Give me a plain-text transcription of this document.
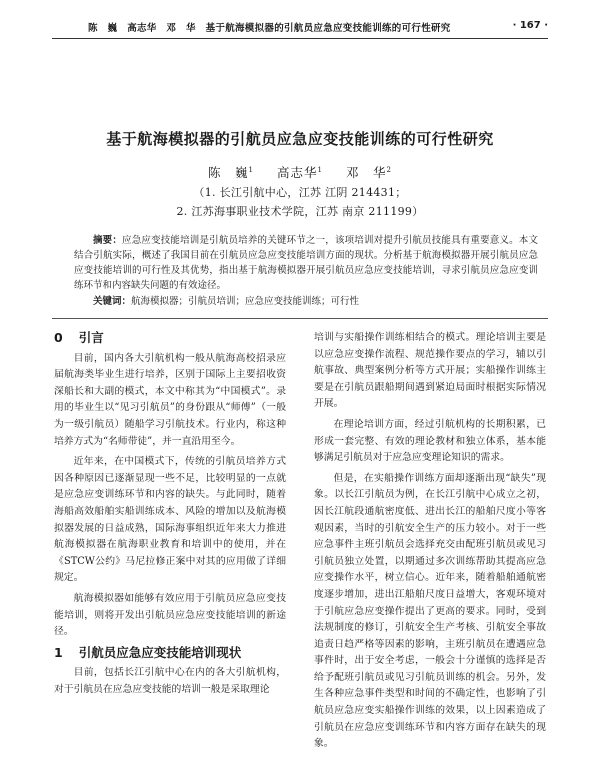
陈　巍　高志华　邓　华　基于航海模拟器的引航员应急应变技能训练的可行性研究	· 167 ·
基于航海模拟器的引航员应急应变技能训练的可行性研究
陈　巍$^1$ 高志华$^1$ 邓　华$^2$
（1. 长江引航中心，江苏 江阴 214431；
2. 江苏海事职业技术学院，江苏 南京 211199）
摘要：应急应变技能培训是引航员培养的关键环节之一，该项培训对提升引航员技能具有重要意义。本文结合引航实际，概述了我国目前在引航员应急应变技能培训方面的现状。分析基于航海模拟器开展引航员应急应变技能培训的可行性及其优势，指出基于航海模拟器开展引航员应急应变技能培训，寻求引航员应急应变训练环节和内容缺失问题的有效途径。
关键词：航海模拟器；引航员培训；应急应变技能训练；可行性

0 引言

目前，国内各大引航机构一般从航海高校招录应届航海类毕业生进行培养，区别于国际上主要招收资深船长和大副的模式，本文中称其为“中国模式”。录用的毕业生以“见习引航员”的身份跟从“师傅”（一般为一级引航员）随船学习引航技术。行业内，称这种培养方式为“名师带徒”，并一直沿用至今。

近年来，在中国模式下，传统的引航员培养方式因各种原因已逐渐显现一些不足，比较明显的一点就是应急应变训练环节和内容的缺失。与此同时，随着海船高效船舶实船训练成本、风险的增加以及航海模拟器发展的日益成熟，国际海事组织近年来大力推进航海模拟器在航海职业教育和培训中的使用，并在《STCW公约》马尼拉修正案中对其的应用做了详细规定。

航海模拟器如能够有效应用于引航员应急应变技能培训，则将开发出引航员应急应变技能培训的新途径。

1 引航员应急应变技能培训现状

目前，包括长江引航中心在内的各大引航机构，对于引航员在应急应变技能的培训一般是采取理论

培训与实船操作训练相结合的模式。理论培训主要是以应急应变操作流程、规范操作要点的学习，辅以引航事故、典型案例分析等方式开展；实船操作训练主要是在引航员跟船期间遇到紧迫局面时根据实际情况开展。

在理论培训方面，经过引航机构的长期积累，已形成一套完整、有效的理论教材和独立体系，基本能够满足引航员对于应急应变理论知识的需求。

但是，在实船操作训练方面却逐渐出现“缺失”现象。以长江引航员为例，在长江引航中心成立之初，因长江航段通航密度低、进出长江的船舶尺度小等客观因素，当时的引航安全生产的压力较小。对于一些应急事件主班引航员会选择充交由配班引航员或见习引航员独立处置，以期通过多次训练帮助其提高应急应变操作水平，树立信心。近年来，随着船舶通航密度逐步增加，进出江船舶尺度日益增大，客观环境对于引航应急应变操作提出了更高的要求。同时，受到法规制度的修订，引航安全生产考核、引航安全事故追责日趋严格等因素的影响，主班引航员在遭遇应急事件时，出于安全考虑，一般会十分谨慎的选择是否给予配班引航员或见习引航员训练的机会。另外，发生各种应急事件类型和时间的不确定性，也影响了引航员应急应变实船操作训练的效果，以上因素造成了引航员在应急应变训练环节和内容方面存在缺失的现象。
